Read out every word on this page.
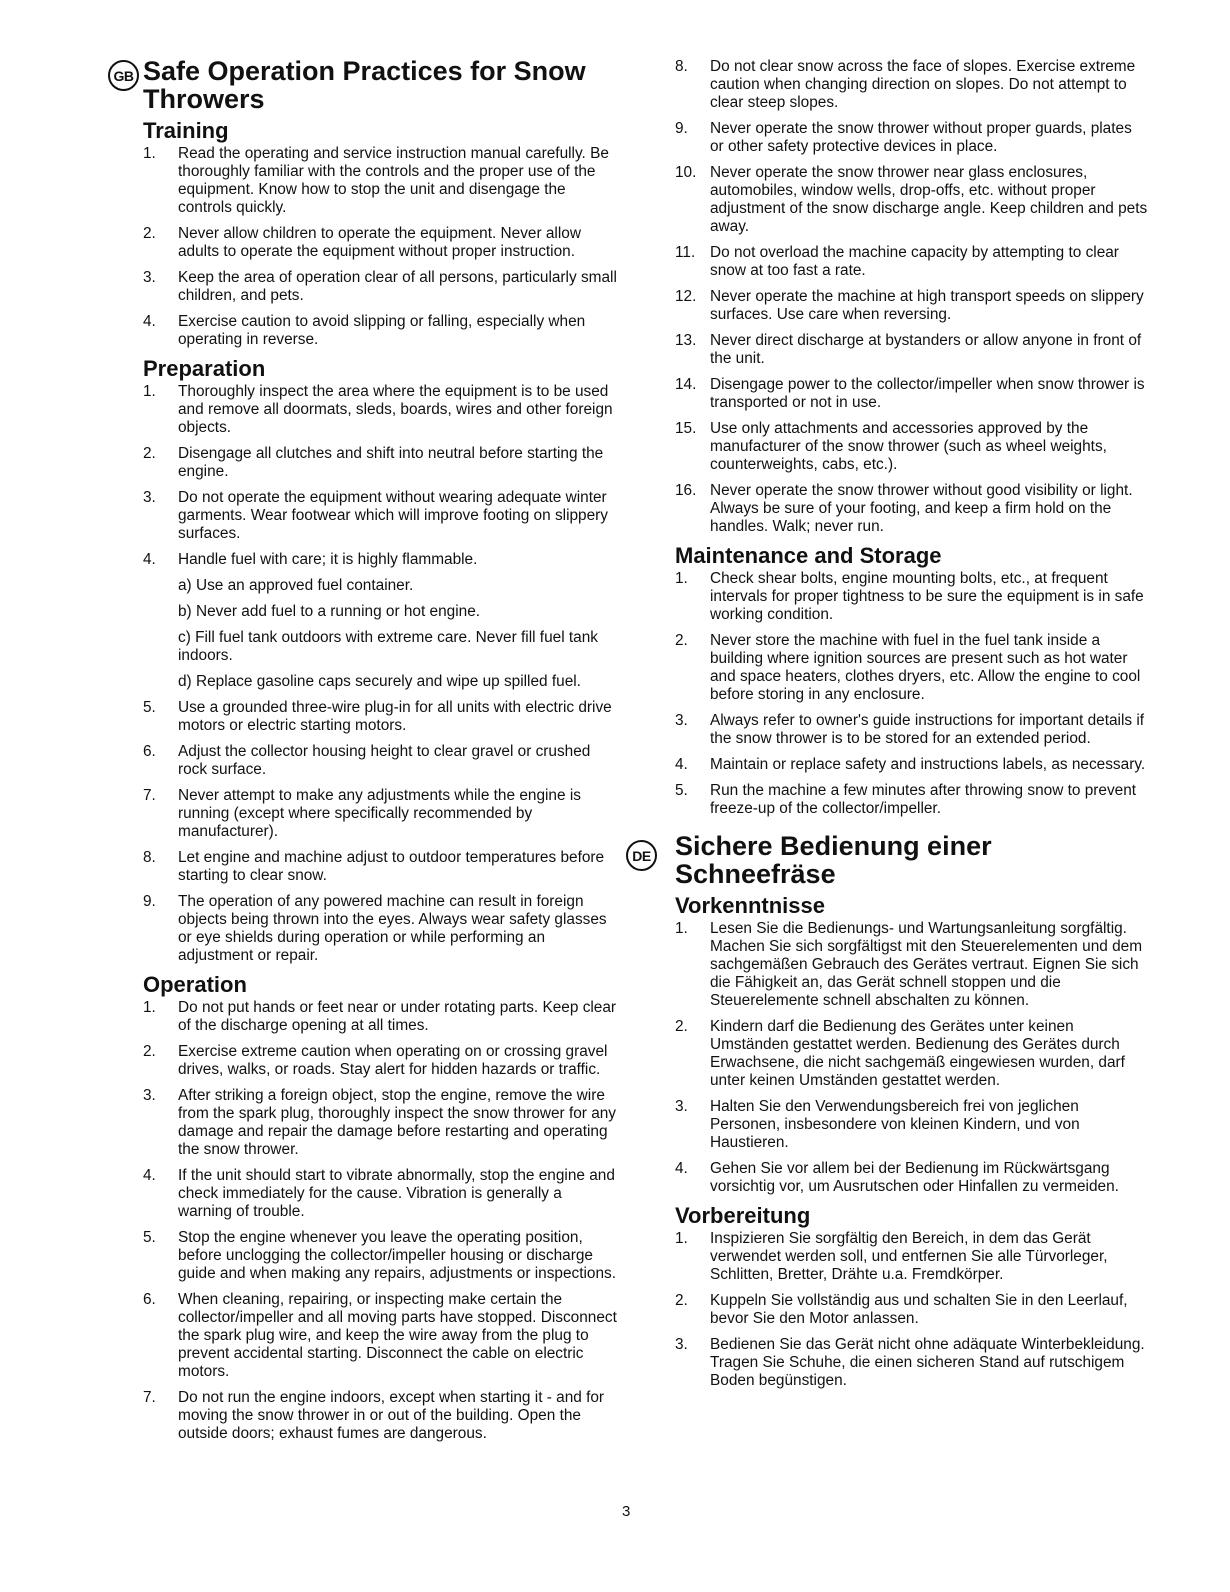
GB Safe Operation Practices for Snow Throwers
Training
1. Read the operating and service instruction manual carefully. Be thoroughly familiar with the controls and the proper use of the equipment. Know how to stop the unit and disengage the controls quickly.
2. Never allow children to operate the equipment. Never allow adults to operate the equipment without proper instruction.
3. Keep the area of operation clear of all persons, particularly small children, and pets.
4. Exercise caution to avoid slipping or falling, especially when operating in reverse.
Preparation
1. Thoroughly inspect the area where the equipment is to be used and remove all doormats, sleds, boards, wires and other foreign objects.
2. Disengage all clutches and shift into neutral before starting the engine.
3. Do not operate the equipment without wearing adequate winter garments. Wear footwear which will improve footing on slippery surfaces.
4. Handle fuel with care; it is highly flammable.
a) Use an approved fuel container.
b) Never add fuel to a running or hot engine.
c) Fill fuel tank outdoors with extreme care. Never fill fuel tank indoors.
d) Replace gasoline caps securely and wipe up spilled fuel.
5. Use a grounded three-wire plug-in for all units with electric drive motors or electric starting motors.
6. Adjust the collector housing height to clear gravel or crushed rock surface.
7. Never attempt to make any adjustments while the engine is running (except where specifically recommended by manufacturer).
8. Let engine and machine adjust to outdoor temperatures before starting to clear snow.
9. The operation of any powered machine can result in foreign objects being thrown into the eyes. Always wear safety glasses or eye shields during operation or while performing an adjustment or repair.
Operation
1. Do not put hands or feet near or under rotating parts. Keep clear of the discharge opening at all times.
2. Exercise extreme caution when operating on or crossing gravel drives, walks, or roads. Stay alert for hidden hazards or traffic.
3. After striking a foreign object, stop the engine, remove the wire from the spark plug, thoroughly inspect the snow thrower for any damage and repair the damage before restarting and operating the snow thrower.
4. If the unit should start to vibrate abnormally, stop the engine and check immediately for the cause. Vibration is generally a warning of trouble.
5. Stop the engine whenever you leave the operating position, before unclogging the collector/impeller housing or discharge guide and when making any repairs, adjustments or inspections.
6. When cleaning, repairing, or inspecting make certain the collector/impeller and all moving parts have stopped. Disconnect the spark plug wire, and keep the wire away from the plug to prevent accidental starting. Disconnect the cable on electric motors.
7. Do not run the engine indoors, except when starting it - and for moving the snow thrower in or out of the building. Open the outside doors; exhaust fumes are dangerous.
8. Do not clear snow across the face of slopes. Exercise extreme caution when changing direction on slopes. Do not attempt to clear steep slopes.
9. Never operate the snow thrower without proper guards, plates or other safety protective devices in place.
10. Never operate the snow thrower near glass enclosures, automobiles, window wells, drop-offs, etc. without proper adjustment of the snow discharge angle. Keep children and pets away.
11. Do not overload the machine capacity by attempting to clear snow at too fast a rate.
12. Never operate the machine at high transport speeds on slippery surfaces. Use care when reversing.
13. Never direct discharge at bystanders or allow anyone in front of the unit.
14. Disengage power to the collector/impeller when snow thrower is transported or not in use.
15. Use only attachments and accessories approved by the manufacturer of the snow thrower (such as wheel weights, counterweights, cabs, etc.).
16. Never operate the snow thrower without good visibility or light. Always be sure of your footing, and keep a firm hold on the handles. Walk; never run.
Maintenance and Storage
1. Check shear bolts, engine mounting bolts, etc., at frequent intervals for proper tightness to be sure the equipment is in safe working condition.
2. Never store the machine with fuel in the fuel tank inside a building where ignition sources are present such as hot water and space heaters, clothes dryers, etc. Allow the engine to cool before storing in any enclosure.
3. Always refer to owner's guide instructions for important details if the snow thrower is to be stored for an extended period.
4. Maintain or replace safety and instructions labels, as necessary.
5. Run the machine a few minutes after throwing snow to prevent freeze-up of the collector/impeller.
DE Sichere Bedienung einer Schneefräse
Vorkenntnisse
1. Lesen Sie die Bedienungs- und Wartungsanleitung sorgfältig. Machen Sie sich sorgfältigst mit den Steuerelementen und dem sachgemäßen Gebrauch des Gerätes vertraut. Eignen Sie sich die Fähigkeit an, das Gerät schnell stoppen und die Steuerelemente schnell abschalten zu können.
2. Kindern darf die Bedienung des Gerätes unter keinen Umständen gestattet werden. Bedienung des Gerätes durch Erwachsene, die nicht sachgemäß eingewiesen wurden, darf unter keinen Umständen gestattet werden.
3. Halten Sie den Verwendungsbereich frei von jeglichen Personen, insbesondere von kleinen Kindern, und von Haustieren.
4. Gehen Sie vor allem bei der Bedienung im Rückwärtsgang vorsichtig vor, um Ausrutschen oder Hinfallen zu vermeiden.
Vorbereitung
1. Inspizieren Sie sorgfältig den Bereich, in dem das Gerät verwendet werden soll, und entfernen Sie alle Türvorleger, Schlitten, Bretter, Drähte u.a. Fremdkörper.
2. Kuppeln Sie vollständig aus und schalten Sie in den Leerlauf, bevor Sie den Motor anlassen.
3. Bedienen Sie das Gerät nicht ohne adäquate Winterbekleidung. Tragen Sie Schuhe, die einen sicheren Stand auf rutschigem Boden begünstigen.
3
